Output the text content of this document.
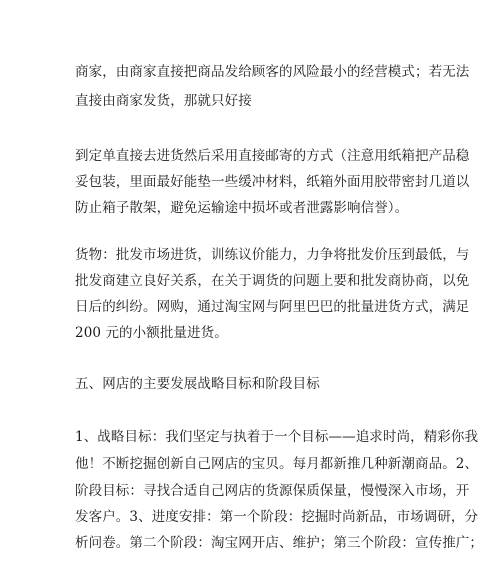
商家，由商家直接把商品发给顾客的风险最小的经营模式；若无法
直接由商家发货，那就只好接
到定单直接去进货然后采用直接邮寄的方式（注意用纸箱把产品稳
妥包装，里面最好能垫一些缓冲材料，纸箱外面用胶带密封几道以
防止箱子散架，避免运输途中损坏或者泄露影响信誉）。
货物：批发市场进货，训练议价能力，力争将批发价压到最低，与
批发商建立良好关系，在关于调货的问题上要和批发商协商，以免
日后的纠纷。网购，通过淘宝网与阿里巴巴的批量进货方式，满足
200 元的小额批量进货。
五、网店的主要发展战略目标和阶段目标
1、战略目标：我们坚定与执着于一个目标——追求时尚，精彩你我
他！不断挖掘创新自己网店的宝贝。每月都新推几种新潮商品。2、
阶段目标：寻找合适自己网店的货源保质保量，慢慢深入市场，开
发客户。3、进度安排：第一个阶段：挖掘时尚新品，市场调研，分
析问卷。第二个阶段：淘宝网开店、维护；第三个阶段：宣传推广；
